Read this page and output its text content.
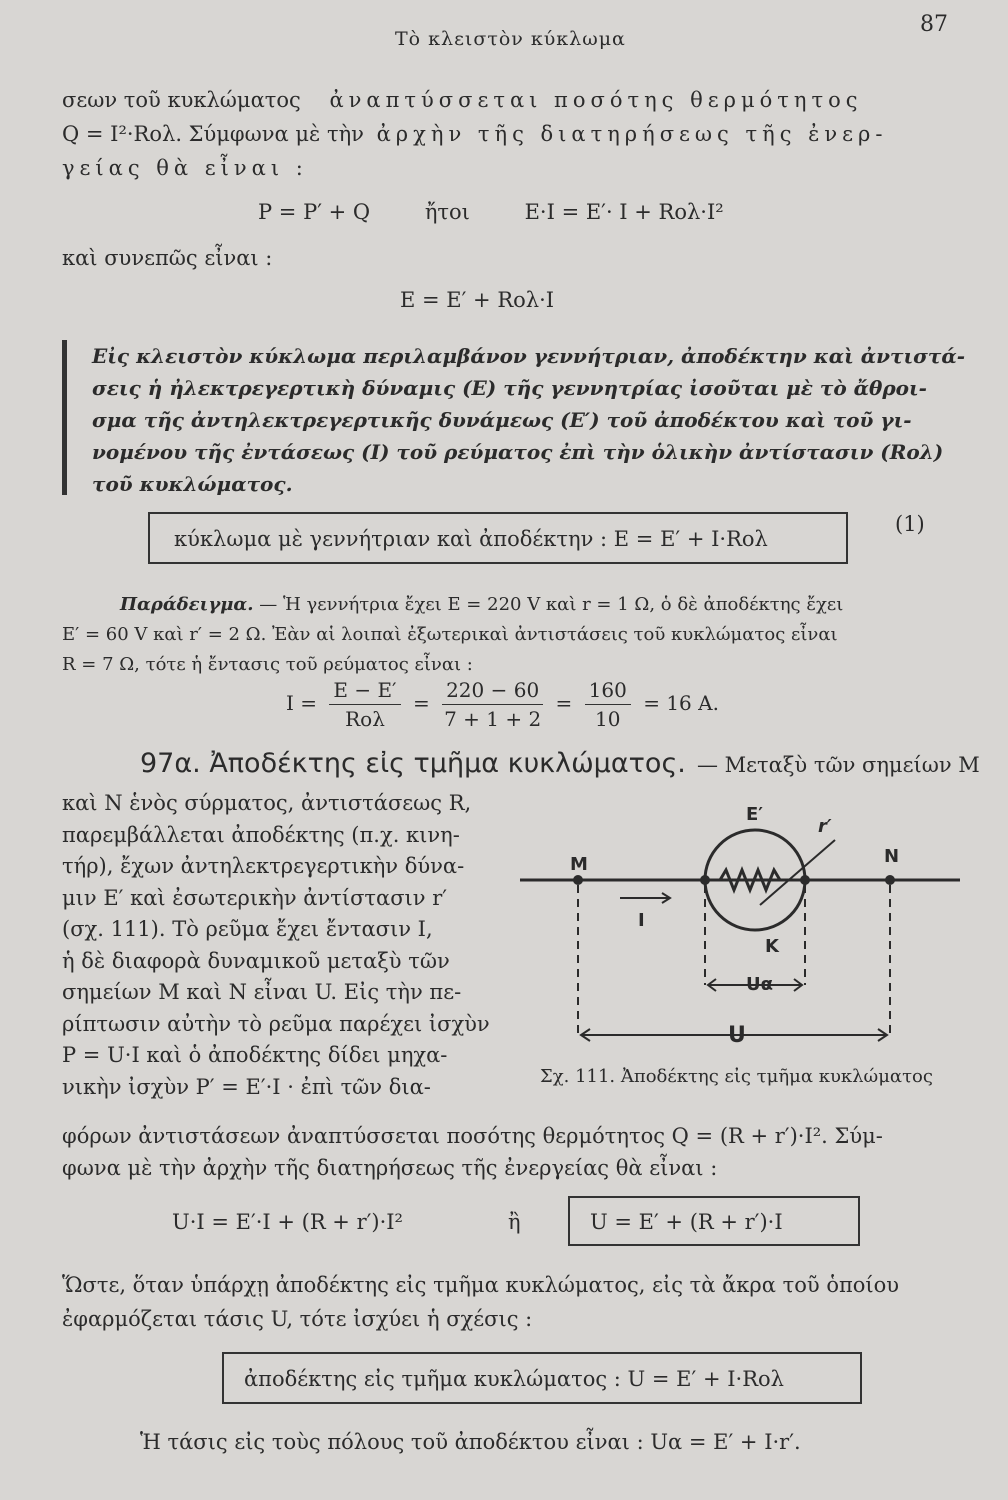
Τὸ κλειστὸν κύκλωμα
87
σεων τοῦ κυκλώματος ἀναπτύσσεται ποσότης θερμότητος
Q = I²·Rολ. Σύμφωνα μὲ τὴν ἀρχὴν τῆς διατηρήσεως τῆς ἐνερ-
γείας θὰ εἶναι :
P = P′ + Q	ἤτοι	E·I = E′· I + Rολ·I²
καὶ συνεπῶς εἶναι :
E = E′ + Rολ·I
Εἰς κλειστὸν κύκλωμα περιλαμβάνον γεννήτριαν, ἀποδέκτην καὶ ἀντιστά-
σεις ἡ ἠλεκτρεγερτικὴ δύναμις (E) τῆς γεννητρίας ἰσοῦται μὲ τὸ ἄθροι-
σμα τῆς ἀντηλεκτρεγερτικῆς δυνάμεως (E′) τοῦ ἀποδέκτου καὶ τοῦ γι-
νομένου τῆς ἐντάσεως (I) τοῦ ρεύματος ἐπὶ τὴν ὁλικὴν ἀντίστασιν (Rολ)
τοῦ κυκλώματος.
κύκλωμα μὲ γεννήτριαν καὶ ἀποδέκτην : E = E′ + I·Rολ
(1)
Παράδειγμα. — Ἡ γεννήτρια ἔχει E = 220 V καὶ r = 1 Ω, ὁ δὲ ἀποδέκτης ἔχει
E′ = 60 V καὶ r′ = 2 Ω. Ἐὰν αἱ λοιπαὶ ἐξωτερικαὶ ἀντιστάσεις τοῦ κυκλώματος εἶναι
R = 7 Ω, τότε ἡ ἔντασις τοῦ ρεύματος εἶναι :
$I = \frac{E - E'}{\text{Rολ}} = \frac{220 - 60}{7 + 1 + 2} = \frac{160}{10} = 16$ A.
97α. Ἀποδέκτης εἰς τμῆμα κυκλώματος. — Μεταξὺ τῶν σημείων M
καὶ N ἑνὸς σύρματος, ἀντιστάσεως R,
παρεμβάλλεται ἀποδέκτης (π.χ. κινη-
τήρ), ἔχων ἀντηλεκτρεγερτικὴν δύνα-
μιν E′ καὶ ἐσωτερικὴν ἀντίστασιν r′
(σχ. 111). Τὸ ρεῦμα ἔχει ἔντασιν I,
ἡ δὲ διαφορὰ δυναμικοῦ μεταξὺ τῶν
σημείων M καὶ N εἶναι U. Εἰς τὴν πε-
ρίπτωσιν αὐτὴν τὸ ρεῦμα παρέχει ἰσχὺν
P = U·I καὶ ὁ ἀποδέκτης δίδει μηχα-
νικὴν ἰσχὺν P′ = E′·I · ἐπὶ τῶν δια-
M	N
E′
r′
I
K
Uα
U
Σχ. 111. Ἀποδέκτης εἰς τμῆμα κυκλώματος
φόρων ἀντιστάσεων ἀναπτύσσεται ποσότης θερμότητος Q = (R + r′)·I². Σύμ-
φωνα μὲ τὴν ἀρχὴν τῆς διατηρήσεως τῆς ἐνεργείας θὰ εἶναι :
U·I = E′·I + (R + r′)·I²	ἢ	U = E′ + (R + r′)·I
Ὥστε, ὅταν ὑπάρχῃ ἀποδέκτης εἰς τμῆμα κυκλώματος, εἰς τὰ ἄκρα τοῦ ὁποίου
ἐφαρμόζεται τάσις U, τότε ἰσχύει ἡ σχέσις :
ἀποδέκτης εἰς τμῆμα κυκλώματος : U = E′ + I·Rολ
Ἡ τάσις εἰς τοὺς πόλους τοῦ ἀποδέκτου εἶναι : Uα = E′ + I·r′.
